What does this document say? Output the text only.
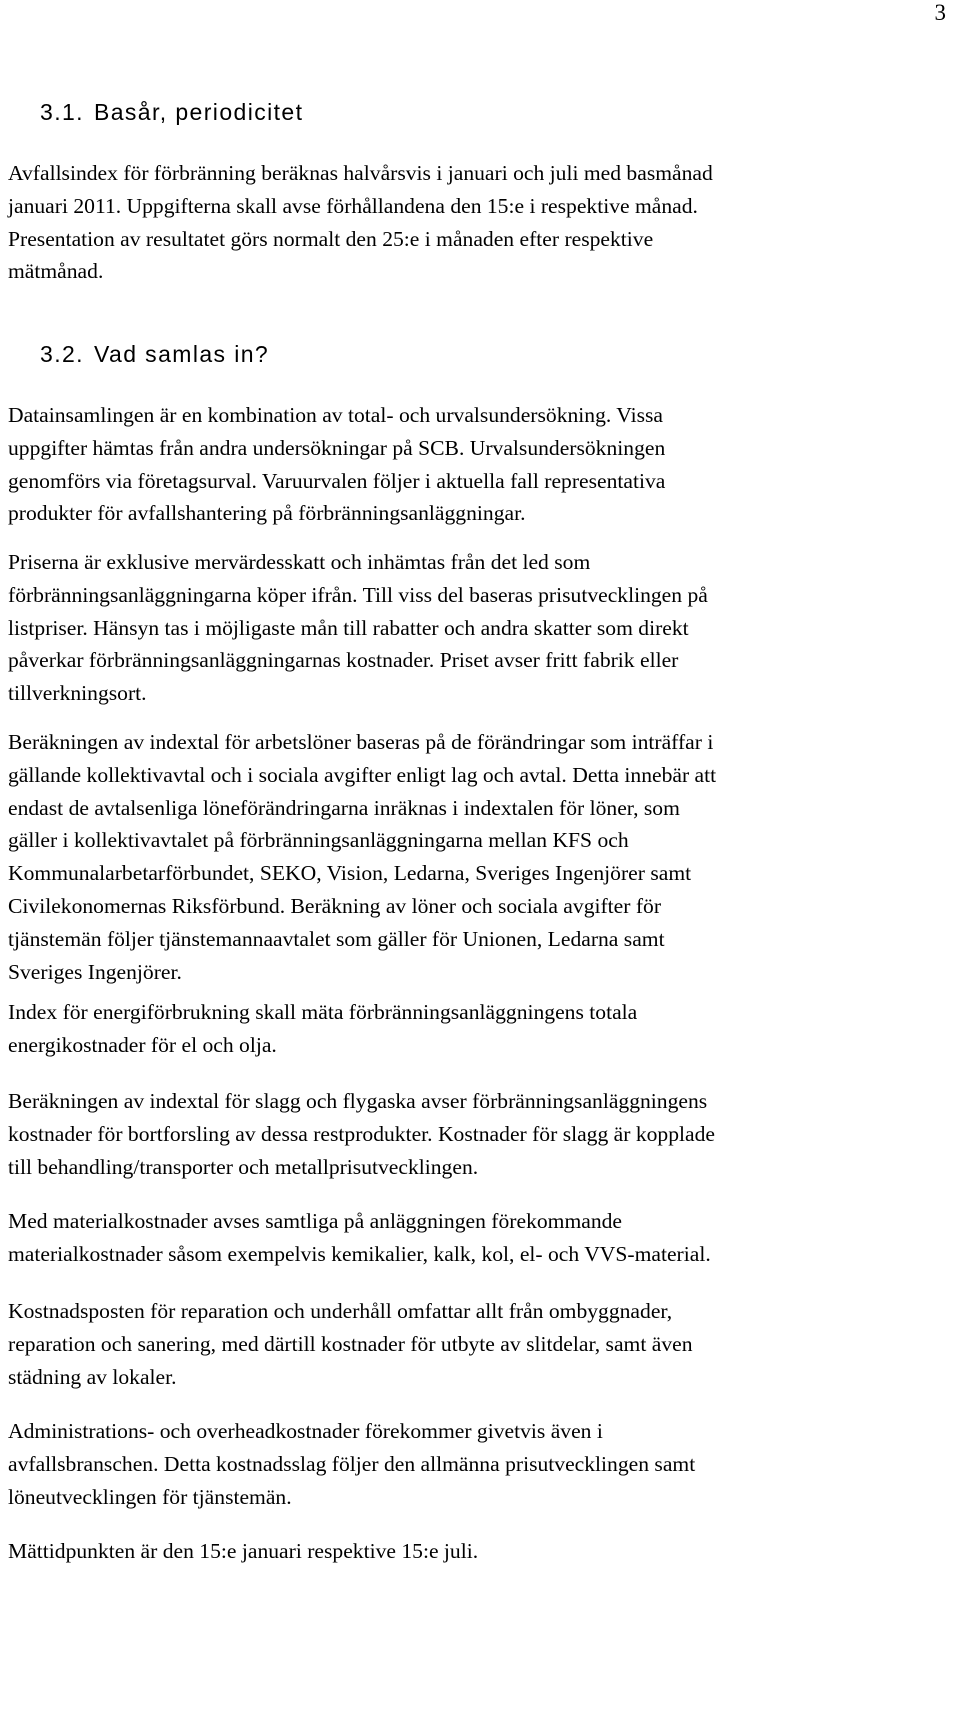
3
3.1. Basår, periodicitet

Avfallsindex för förbränning beräknas halvårsvis i januari och juli med basmånad
januari 2011. Uppgifterna skall avse förhållandena den 15:e i respektive månad.
Presentation av resultatet görs normalt den 25:e i månaden efter respektive
mätmånad.

3.2. Vad samlas in?

Datainsamlingen är en kombination av total- och urvalsundersökning. Vissa
uppgifter hämtas från andra undersökningar på SCB. Urvalsundersökningen
genomförs via företagsurval. Varuurvalen följer i aktuella fall representativa
produkter för avfallshantering på förbränningsanläggningar.

Priserna är exklusive mervärdesskatt och inhämtas från det led som
förbränningsanläggningarna köper ifrån. Till viss del baseras prisutvecklingen på
listpriser. Hänsyn tas i möjligaste mån till rabatter och andra skatter som direkt
påverkar förbränningsanläggningarnas kostnader. Priset avser fritt fabrik eller
tillverkningsort.

Beräkningen av indextal för arbetslöner baseras på de förändringar som inträffar i
gällande kollektivavtal och i sociala avgifter enligt lag och avtal. Detta innebär att
endast de avtalsenliga löneförändringarna inräknas i indextalen för löner, som
gäller i kollektivavtalet på förbränningsanläggningarna mellan KFS och
Kommunalarbetarförbundet, SEKO, Vision, Ledarna, Sveriges Ingenjörer samt
Civilekonomernas Riksförbund. Beräkning av löner och sociala avgifter för
tjänstemän följer tjänstemannaavtalet som gäller för Unionen, Ledarna samt
Sveriges Ingenjörer.

Index för energiförbrukning skall mäta förbränningsanläggningens totala
energikostnader för el och olja.

Beräkningen av indextal för slagg och flygaska avser förbränningsanläggningens
kostnader för bortforsling av dessa restprodukter. Kostnader för slagg är kopplade
till behandling/transporter och metallprisutvecklingen.

Med materialkostnader avses samtliga på anläggningen förekommande
materialkostnader såsom exempelvis kemikalier, kalk, kol, el- och VVS-material.

Kostnadsposten för reparation och underhåll omfattar allt från ombyggnader,
reparation och sanering, med därtill kostnader för utbyte av slitdelar, samt även
städning av lokaler.

Administrations- och overheadkostnader förekommer givetvis även i
avfallsbranschen. Detta kostnadsslag följer den allmänna prisutvecklingen samt
löneutvecklingen för tjänstemän.

Mättidpunkten är den 15:e januari respektive 15:e juli.
